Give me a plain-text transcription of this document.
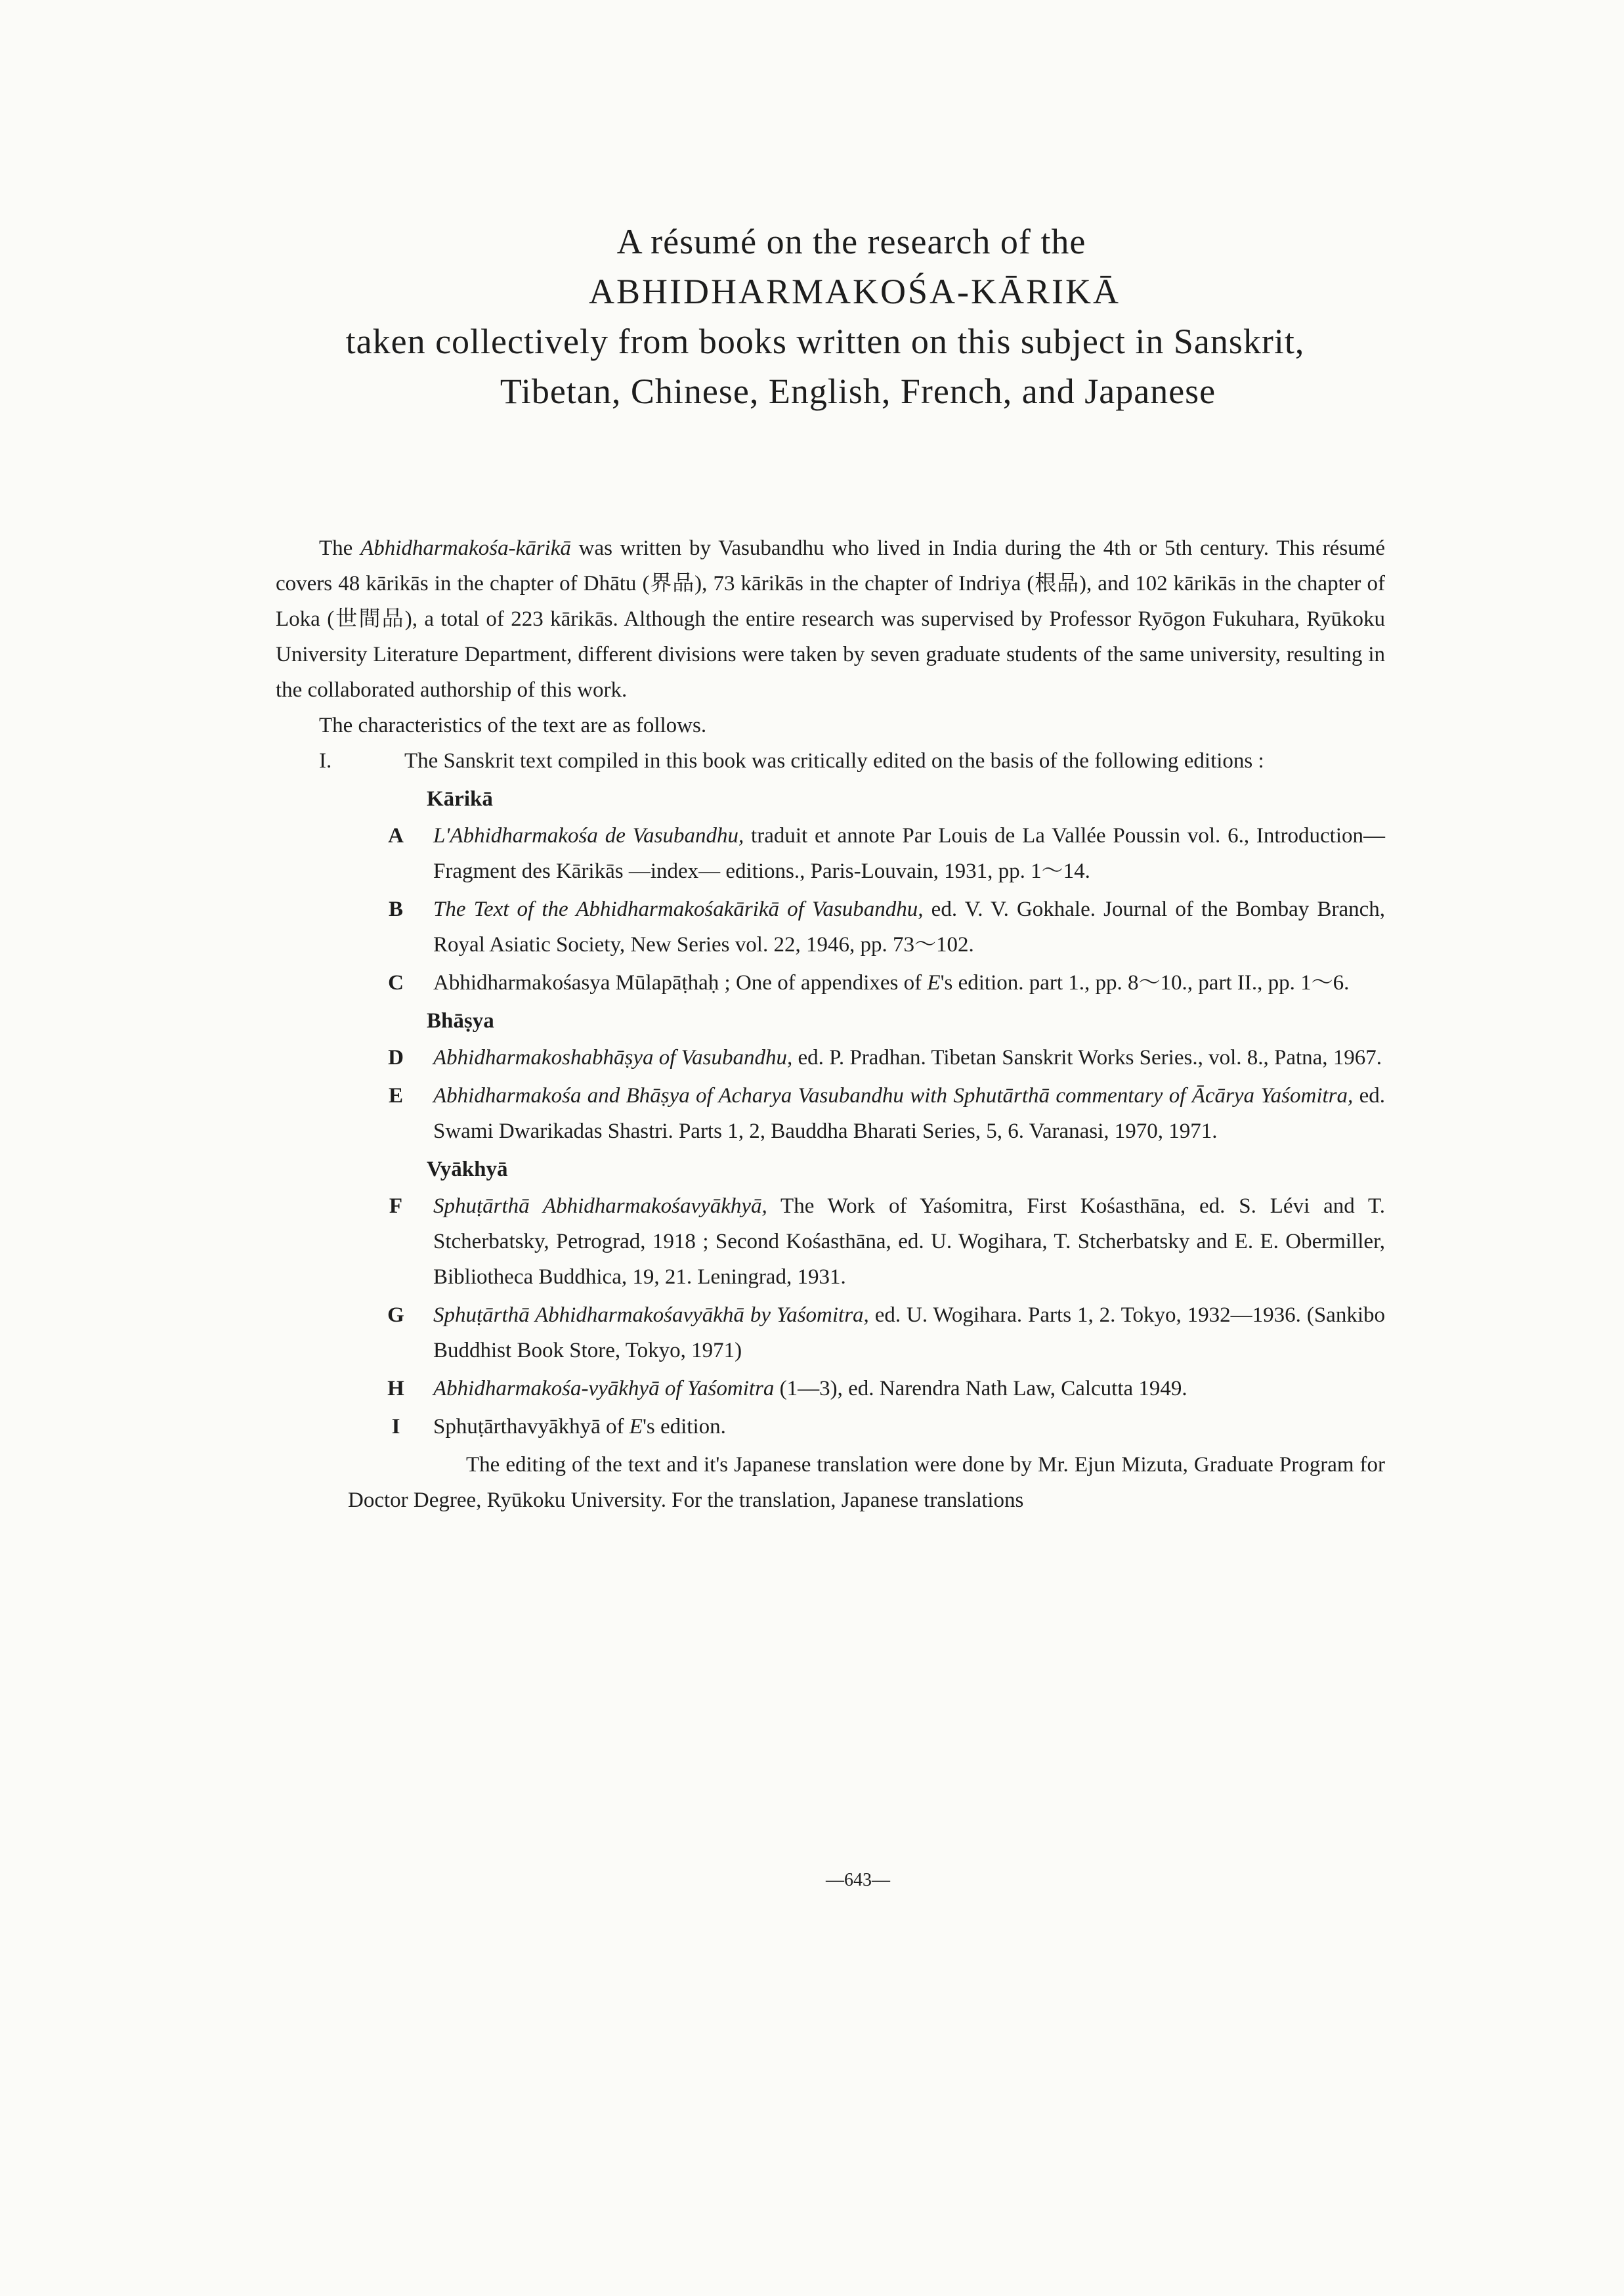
A résumé on the research of the
ABHIDHARMAKOŚA-KĀRIKĀ
taken collectively from books written on this subject in Sanskrit,
Tibetan, Chinese, English, French, and Japanese

The Abhidharmakośa-kārikā was written by Vasubandhu who lived in India during the 4th or 5th century. This résumé covers 48 kārikās in the chapter of Dhātu (界品), 73 kārikās in the chapter of Indriya (根品), and 102 kārikās in the chapter of Loka (世間品), a total of 223 kārikās. Although the entire research was supervised by Professor Ryōgon Fukuhara, Ryūkoku University Literature Department, different divisions were taken by seven graduate students of the same university, resulting in the collaborated authorship of this work.

The characteristics of the text are as follows.

I.	The Sanskrit text compiled in this book was critically edited on the basis of the following editions :
Kārikā
A	L'Abhidharmakośa de Vasubandhu, traduit et annote Par Louis de La Vallée Poussin vol. 6., Introduction—Fragment des Kārikās —index— editions., Paris-Louvain, 1931, pp. 1〜14.
B	The Text of the Abhidharmakośakārikā of Vasubandhu, ed. V. V. Gokhale. Journal of the Bombay Branch, Royal Asiatic Society, New Series vol. 22, 1946, pp. 73〜102.
C	Abhidharmakośasya Mūlapāṭhaḥ ; One of appendixes of E's edition. part 1., pp. 8〜10., part II., pp. 1〜6.
Bhāṣya
D	Abhidharmakoshabhāṣya of Vasubandhu, ed. P. Pradhan. Tibetan Sanskrit Works Series., vol. 8., Patna, 1967.
E	Abhidharmakośa and Bhāṣya of Acharya Vasubandhu with Sphutārthā commentary of Ācārya Yaśomitra, ed. Swami Dwarikadas Shastri. Parts 1, 2, Bauddha Bharati Series, 5, 6. Varanasi, 1970, 1971.
Vyākhyā
F	Sphuṭārthā Abhidharmakośavyākhyā, The Work of Yaśomitra, First Kośasthāna, ed. S. Lévi and T. Stcherbatsky, Petrograd, 1918 ; Second Kośasthāna, ed. U. Wogihara, T. Stcherbatsky and E. E. Obermiller, Bibliotheca Buddhica, 19, 21. Leningrad, 1931.
G	Sphuṭārthā Abhidharmakośavyākhā by Yaśomitra, ed. U. Wogihara. Parts 1, 2. Tokyo, 1932—1936. (Sankibo Buddhist Book Store, Tokyo, 1971)
H	Abhidharmakośa-vyākhyā of Yaśomitra (1—3), ed. Narendra Nath Law, Calcutta 1949.
I	Sphuṭārthavyākhyā of E's edition.

The editing of the text and it's Japanese translation were done by Mr. Ejun Mizuta, Graduate Program for Doctor Degree, Ryūkoku University. For the translation, Japanese translations

—643—
